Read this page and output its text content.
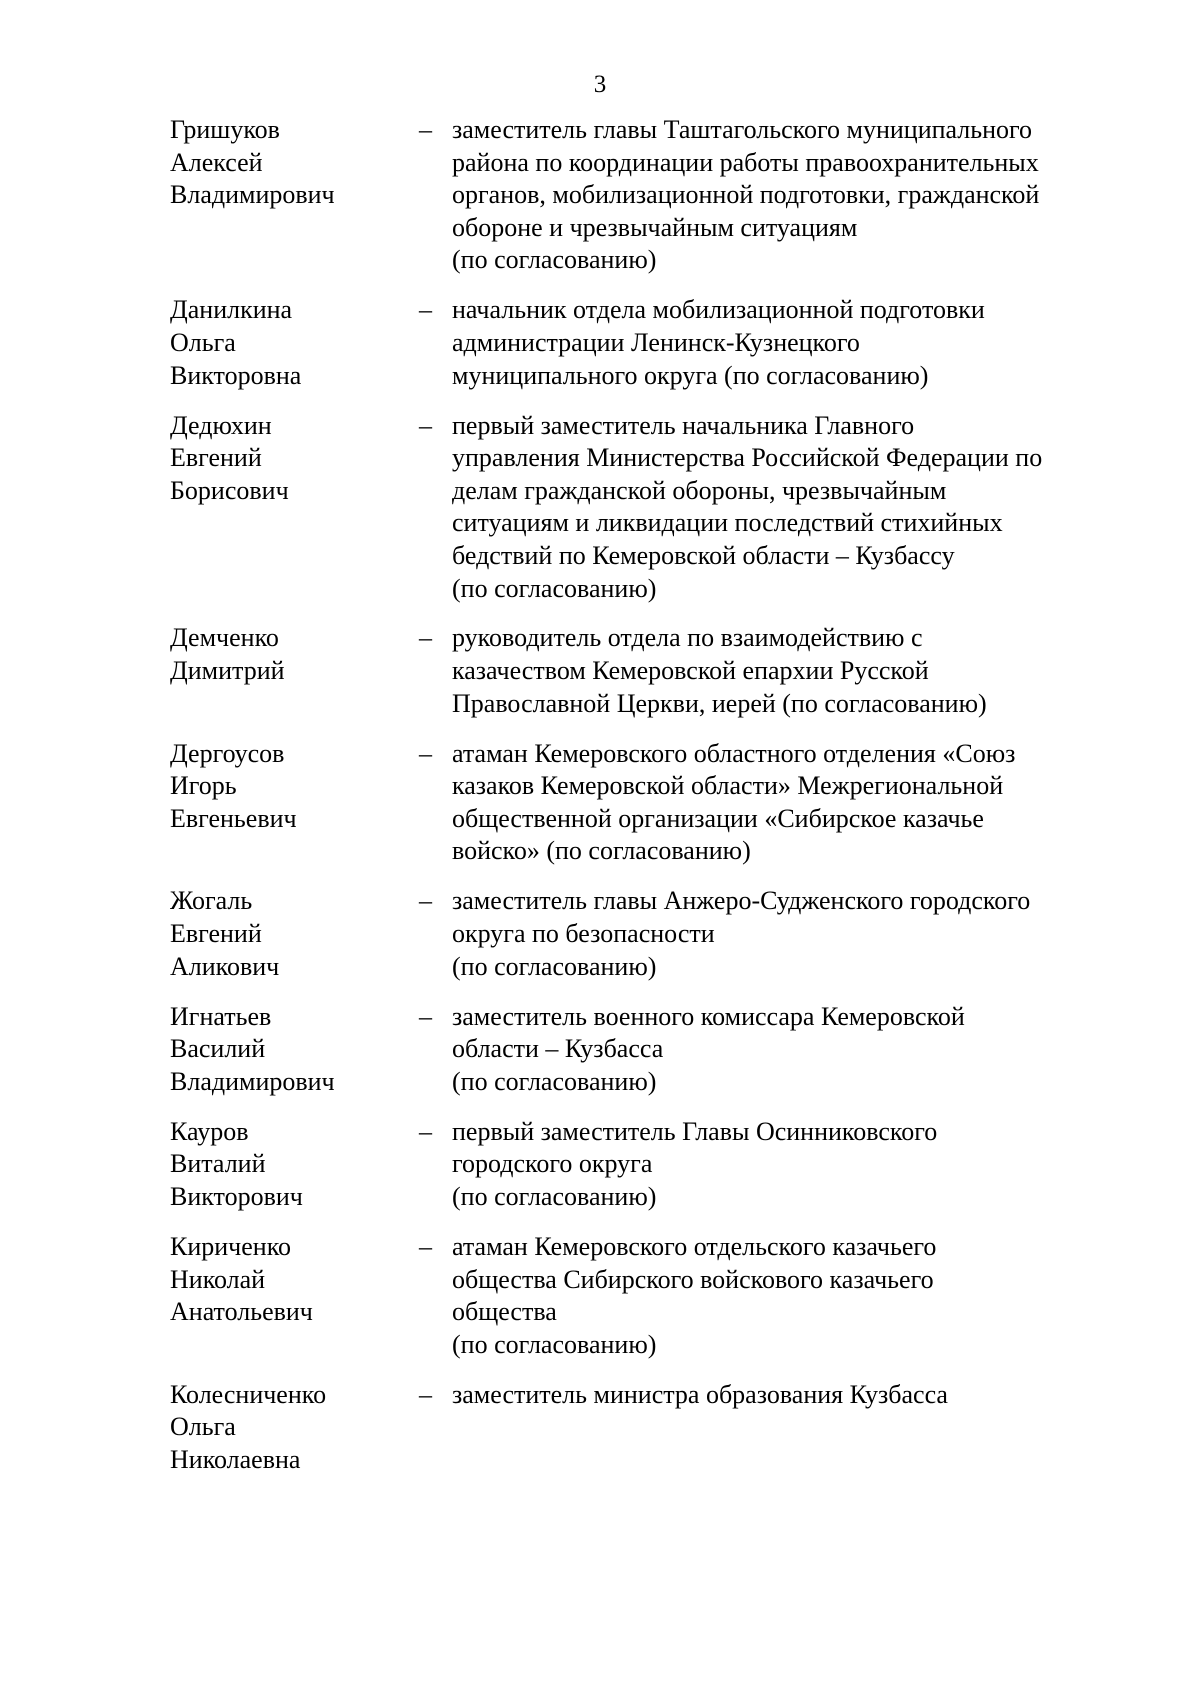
3
Гришуков
Алексей
Владимирович
– заместитель главы Таштагольского муниципального
района по координации работы правоохранительных
органов, мобилизационной подготовки, гражданской
обороне и чрезвычайным ситуациям
(по согласованию)
Данилкина
Ольга
Викторовна
– начальник отдела мобилизационной подготовки
администрации Ленинск-Кузнецкого
муниципального округа (по согласованию)
Дедюхин
Евгений
Борисович
– первый заместитель начальника Главного
управления Министерства Российской Федерации по
делам гражданской обороны, чрезвычайным
ситуациям и ликвидации последствий стихийных
бедствий по Кемеровской области – Кузбассу
(по согласованию)
Демченко
Димитрий
– руководитель отдела по взаимодействию с
казачеством Кемеровской епархии Русской
Православной Церкви, иерей (по согласованию)
Дергоусов
Игорь
Евгеньевич
– атаман Кемеровского областного отделения «Союз
казаков Кемеровской области» Межрегиональной
общественной организации «Сибирское казачье
войско» (по согласованию)
Жогаль
Евгений
Аликович
– заместитель главы Анжеро-Судженского городского
округа по безопасности
(по согласованию)
Игнатьев
Василий
Владимирович
– заместитель военного комиссара Кемеровской
области – Кузбасса
(по согласованию)
Кауров
Виталий
Викторович
– первый заместитель Главы Осинниковского
городского округа
(по согласованию)
Кириченко
Николай
Анатольевич
– атаман Кемеровского отдельского казачьего
общества Сибирского войскового казачьего
общества
(по согласованию)
Колесниченко
Ольга
Николаевна
– заместитель министра образования Кузбасса
